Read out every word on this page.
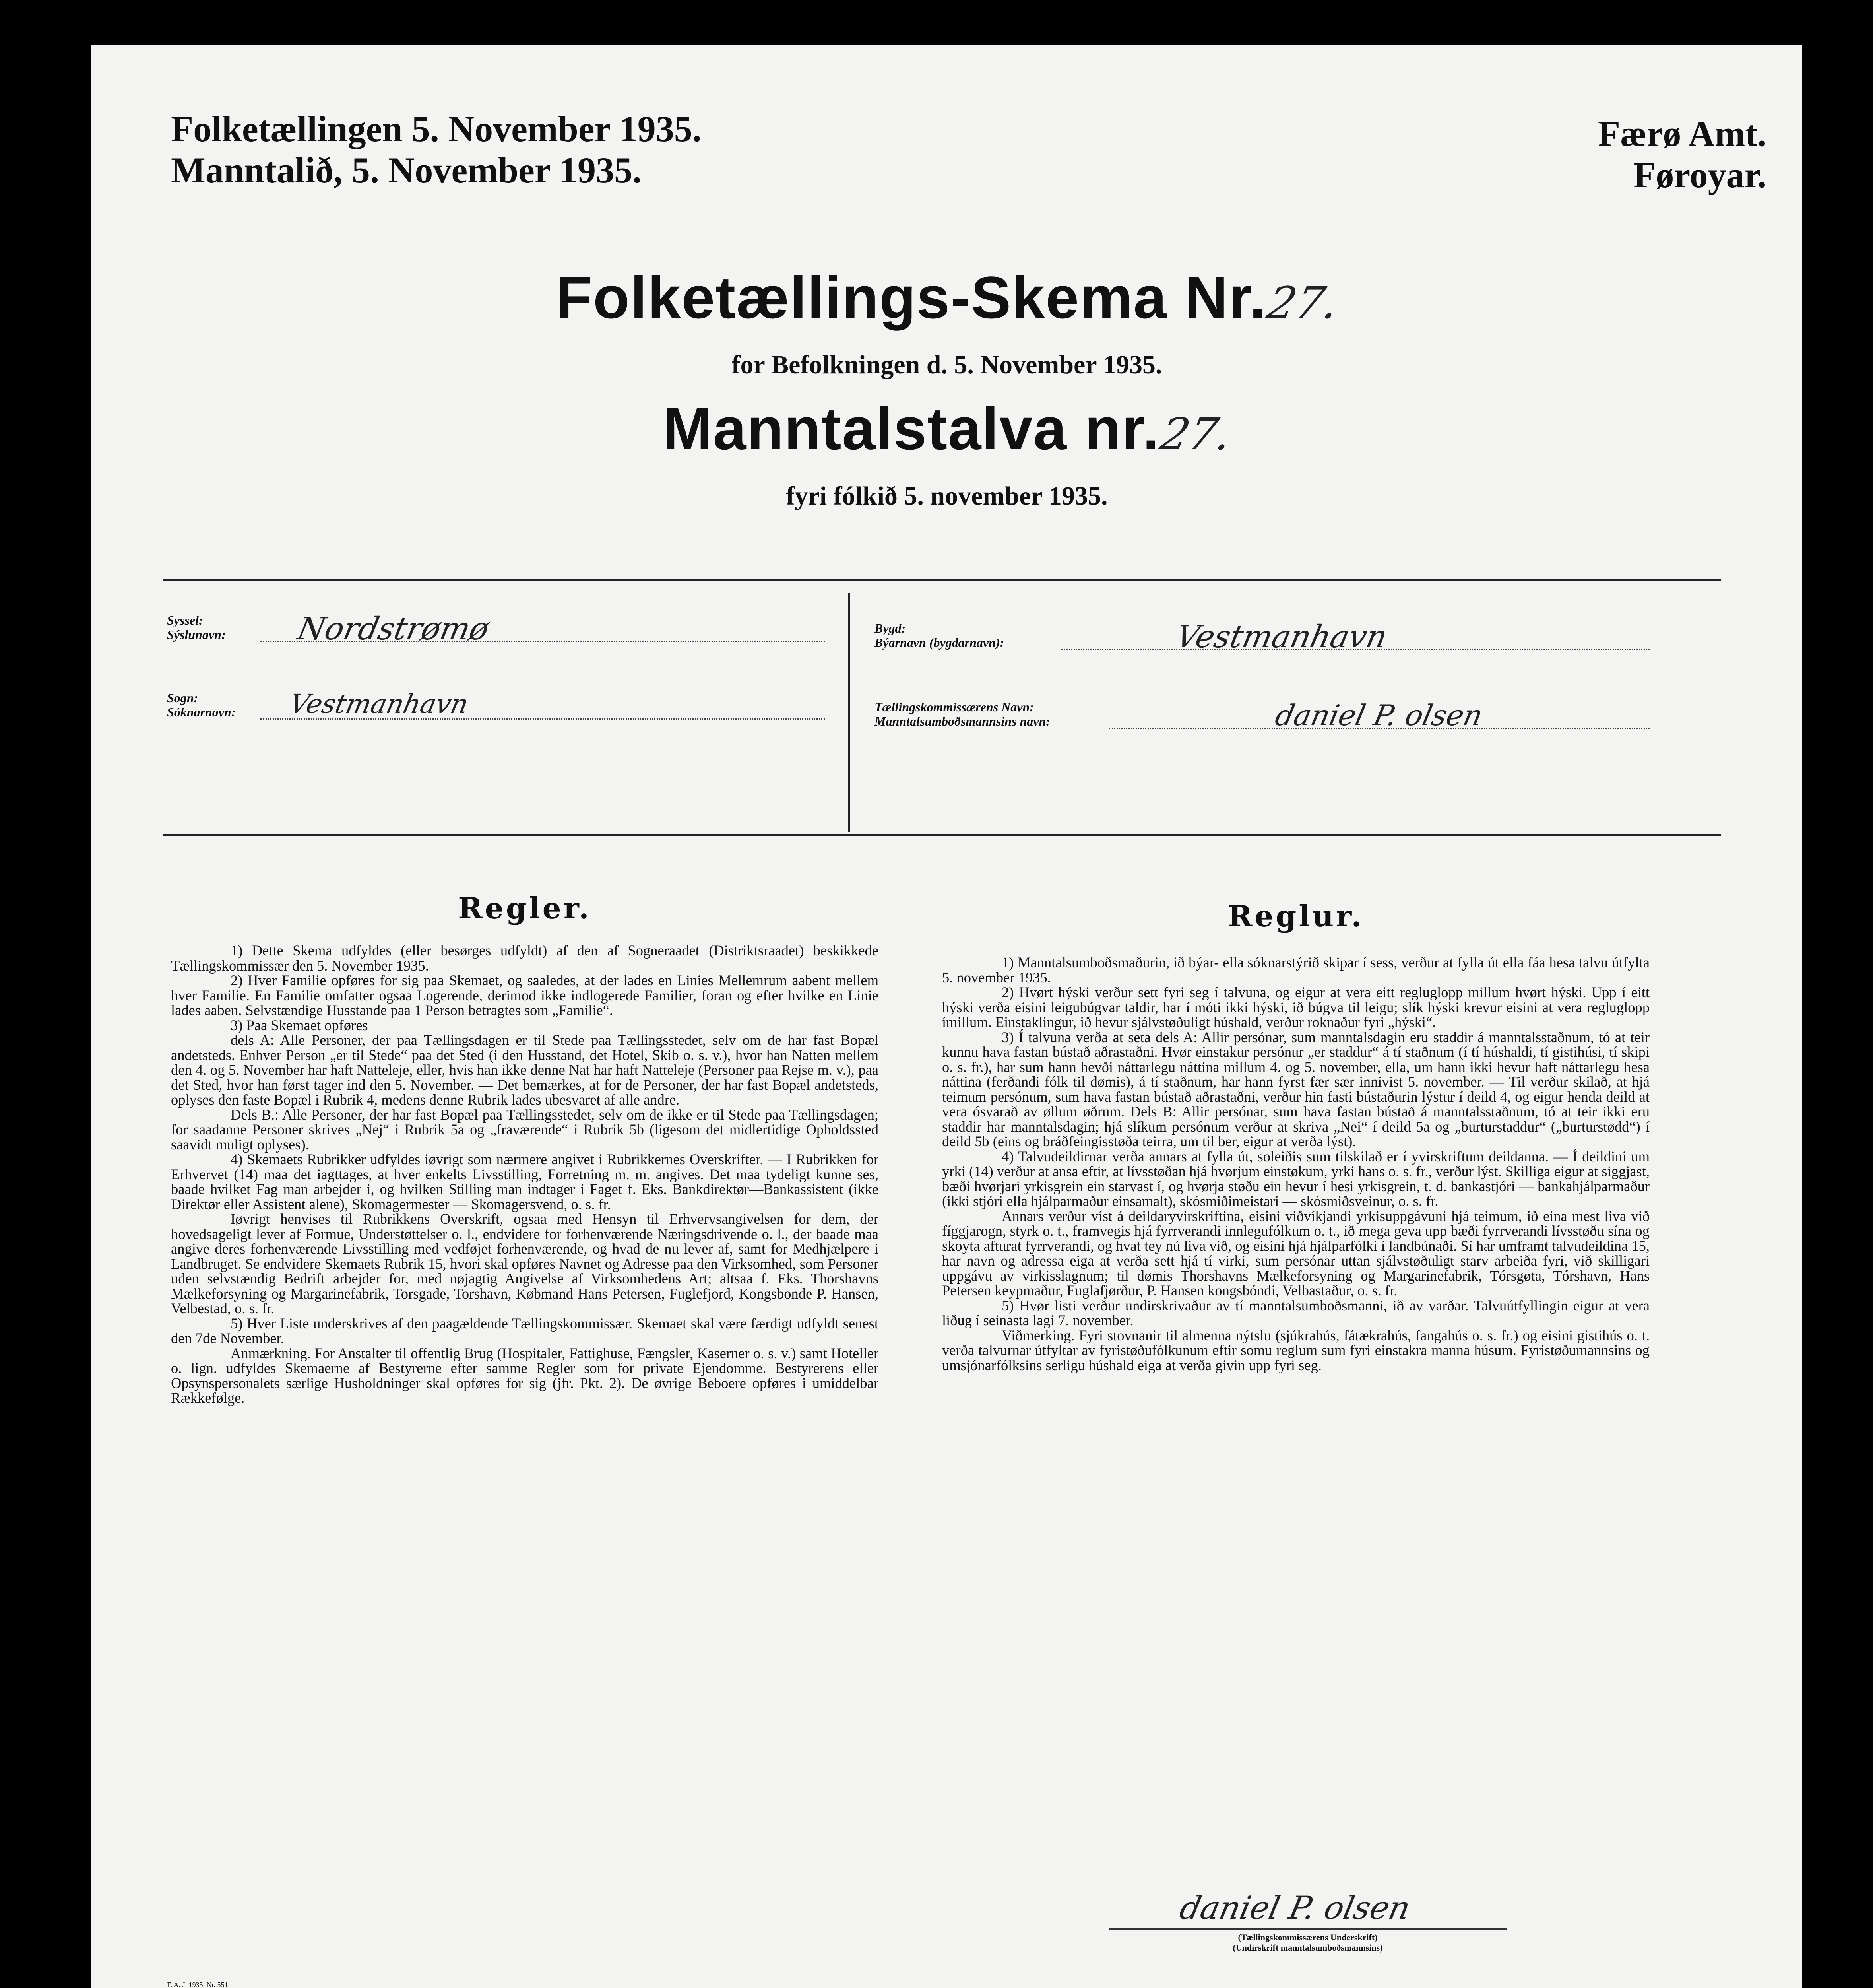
Folketællingen 5. November 1935.
Manntalið, 5. November 1935.
Færø Amt.
Føroyar.
Folketællings-Skema Nr. 27.
for Befolkningen d. 5. November 1935.
Manntalstalva nr. 27.
fyri fólkið 5. november 1935.
Syssel:
Sýslunavn: Nordstrømø
Sogn:
Sóknarnavn: Vestmanhavn
Bygd:
Býarnavn (bygdarnavn):	Vestmanhavn
Tællingskommissærens Navn:
Manntalsumboðsmannsins navn:	daniel P. olsen
Regler.	Reglur.

1) Dette Skema udfyldes (eller besørges udfyldt) af den af Sogneraadet (Distriktsraadet) beskikkede Tællingskommissær den 5. November 1935.

2) Hver Familie opføres for sig paa Skemaet, og saaledes, at der lades en Linies Mellemrum aabent mellem hver Familie. En Familie omfatter ogsaa Logerende, derimod ikke indlogerede Familier, foran og efter hvilke en Linie lades aaben. Selvstændige Husstande paa 1 Person betragtes som „Familie“.

3) Paa Skemaet opføres

dels A: Alle Personer, der paa Tællingsdagen er til Stede paa Tællingsstedet, selv om de har fast Bopæl andetsteds. Enhver Person „er til Stede“ paa det Sted (i den Husstand, det Hotel, Skib o. s. v.), hvor han Natten mellem den 4. og 5. November har haft Natteleje, eller, hvis han ikke denne Nat har haft Natteleje (Personer paa Rejse m. v.), paa det Sted, hvor han først tager ind den 5. November. — Det bemærkes, at for de Personer, der har fast Bopæl andetsteds, oplyses den faste Bopæl i Rubrik 4, medens denne Rubrik lades ubesvaret af alle andre.

Dels B.: Alle Personer, der har fast Bopæl paa Tællingsstedet, selv om de ikke er til Stede paa Tællingsdagen; for saadanne Personer skrives „Nej“ i Rubrik 5a og „fraværende“ i Rubrik 5b (ligesom det midlertidige Opholdssted saavidt muligt oplyses).

4) Skemaets Rubrikker udfyldes iøvrigt som nærmere angivet i Rubrikkernes Overskrifter. — I Rubrikken for Erhvervet (14) maa det iagttages, at hver enkelts Livsstilling, Forretning m. m. angives. Det maa tydeligt kunne ses, baade hvilket Fag man arbejder i, og hvilken Stilling man indtager i Faget f. Eks. Bankdirektør—Bankassistent (ikke Direktør eller Assistent alene), Skomagermester — Skomagersvend, o. s. fr.

Iøvrigt henvises til Rubrikkens Overskrift, ogsaa med Hensyn til Erhvervsangivelsen for dem, der hovedsageligt lever af Formue, Understøttelser o. l., endvidere for forhenværende Næringsdrivende o. l., der baade maa angive deres forhenværende Livsstilling med vedføjet forhenværende, og hvad de nu lever af, samt for Medhjælpere i Landbruget. Se endvidere Skemaets Rubrik 15, hvori skal opføres Navnet og Adresse paa den Virksomhed, som Personer uden selvstændig Bedrift arbejder for, med nøjagtig Angivelse af Virksomhedens Art; altsaa f. Eks. Thorshavns Mælkeforsyning og Margarinefabrik, Torsgade, Torshavn, Købmand Hans Petersen, Fuglefjord, Kongsbonde P. Hansen, Velbestad, o. s. fr.

5) Hver Liste underskrives af den paagældende Tællingskommissær. Skemaet skal være færdigt udfyldt senest den 7de November.

Anmærkning. For Anstalter til offentlig Brug (Hospitaler, Fattighuse, Fængsler, Kaserner o. s. v.) samt Hoteller o. lign. udfyldes Skemaerne af Bestyrerne efter samme Regler som for private Ejendomme. Bestyrerens eller Opsynspersonalets særlige Husholdninger skal opføres for sig (jfr. Pkt. 2). De øvrige Beboere opføres i umiddelbar Rækkefølge.

1) Manntalsumboðsmaðurin, ið býar- ella sóknarstýrið skipar í sess, verður at fylla út ella fáa hesa talvu útfylta 5. november 1935.

2) Hvørt hýski verður sett fyri seg í talvuna, og eigur at vera eitt regluglopp millum hvørt hýski. Upp í eitt hýski verða eisini leigubúgvar taldir, har í móti ikki hýski, ið búgva til leigu; slík hýski krevur eisini at vera regluglopp ímillum. Einstaklingur, ið hevur sjálvstøðuligt húshald, verður roknaður fyri „hýski“.

3) Í talvuna verða at seta dels A: Allir persónar, sum manntalsdagin eru staddir á manntalsstaðnum, tó at teir kunnu hava fastan bústað aðrastaðni. Hvør einstakur persónur „er staddur“ á tí staðnum (í tí húshaldi, tí gistihúsi, tí skipi o. s. fr.), har sum hann hevði náttarlegu náttina millum 4. og 5. november, ella, um hann ikki hevur haft náttarlegu hesa náttina (ferðandi fólk til dømis), á tí staðnum, har hann fyrst fær sær innivist 5. november. — Til verður skilað, at hjá teimum persónum, sum hava fastan bústað aðrastaðni, verður hin fasti bústaðurin lýstur í deild 4, og eigur henda deild at vera ósvarað av øllum øðrum. Dels B: Allir persónar, sum hava fastan bústað á manntalsstaðnum, tó at teir ikki eru staddir har manntalsdagin; hjá slíkum persónum verður at skriva „Nei“ í deild 5a og „burturstaddur“ („burturstødd“) í deild 5b (eins og bráðfeingisstøða teirra, um til ber, eigur at verða lýst).

4) Talvudeildirnar verða annars at fylla út, soleiðis sum tilskilað er í yvirskriftum deildanna. — Í deildini um yrki (14) verður at ansa eftir, at lívsstøðan hjá hvørjum einstøkum, yrki hans o. s. fr., verður lýst. Skilliga eigur at siggjast, bæði hvørjari yrkisgrein ein starvast í, og hvørja støðu ein hevur í hesi yrkisgrein, t. d. bankastjóri — bankahjálparmaður (ikki stjóri ella hjálparmaður einsamalt), skósmiðimeistari — skósmiðsveinur, o. s. fr.

Annars verður víst á deildaryvirskriftina, eisini viðvíkjandi yrkisuppgávuni hjá teimum, ið eina mest liva við fíggjarogn, styrk o. t., framvegis hjá fyrrverandi innlegufólkum o. t., ið mega geva upp bæði fyrrverandi lívsstøðu sína og skoyta afturat fyrrverandi, og hvat tey nú liva við, og eisini hjá hjálparfólki í landbúnaði. Sí har umframt talvudeildina 15, har navn og adressa eiga at verða sett hjá tí virki, sum persónar uttan sjálvstøðuligt starv arbeiða fyri, við skilligari uppgávu av virkisslagnum; til dømis Thorshavns Mælkeforsyning og Margarinefabrik, Tórsgøta, Tórshavn, Hans Petersen keypmaður, Fuglafjørður, P. Hansen kongsbóndi, Velbastaður, o. s. fr.

5) Hvør listi verður undirskrivaður av tí manntalsumboðsmanni, ið av varðar. Talvuútfyllingin eigur at vera liðug í seinasta lagi 7. november.

Viðmerking. Fyri stovnanir til almenna nýtslu (sjúkrahús, fátækrahús, fangahús o. s. fr.) og eisini gistihús o. t. verða talvurnar útfyltar av fyristøðufólkunum eftir somu reglum sum fyri einstakra manna húsum. Fyristøðumannsins og umsjónarfólksins serligu húshald eiga at verða givin upp fyri seg.

daniel P. olsen
(Tællingskommissærens Underskrift)
(Undirskrift manntalsumboðsmannsins)
F. A. J. 1935. Nr. 551.
